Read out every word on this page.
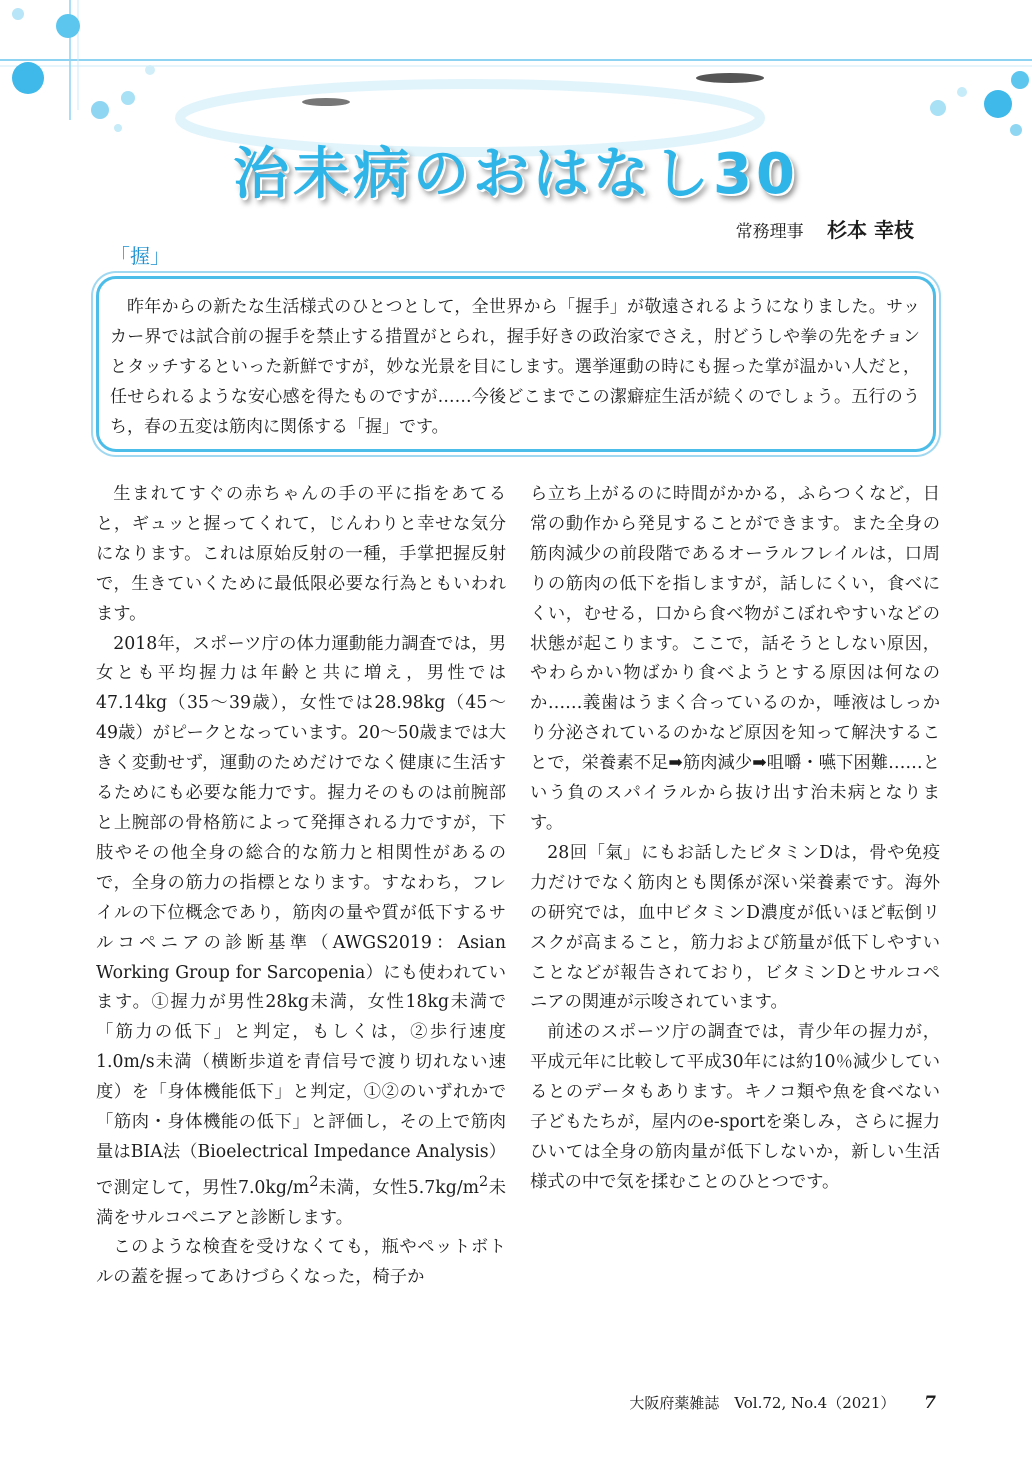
治未病のおはなし30
常務理事 杉本 幸枝
「握」

昨年からの新たな生活様式のひとつとして，全世界から「握手」が敬遠されるようになりました。サッカー界では試合前の握手を禁止する措置がとられ，握手好きの政治家でさえ，肘どうしや拳の先をチョンとタッチするといった新鮮ですが，妙な光景を目にします。選挙運動の時にも握った掌が温かい人だと，任せられるような安心感を得たものですが……今後どこまでこの潔癖症生活が続くのでしょう。五行のうち，春の五変は筋肉に関係する「握」です。

生まれてすぐの赤ちゃんの手の平に指をあてると，ギュッと握ってくれて，じんわりと幸せな気分になります。これは原始反射の一種，手掌把握反射で，生きていくために最低限必要な行為ともいわれます。

2018年，スポーツ庁の体力運動能力調査では，男女とも平均握力は年齢と共に増え，男性では47.14kg（35～39歳），女性では28.98kg（45～49歳）がピークとなっています。20～50歳までは大きく変動せず，運動のためだけでなく健康に生活するためにも必要な能力です。握力そのものは前腕部と上腕部の骨格筋によって発揮される力ですが，下肢やその他全身の総合的な筋力と相関性があるので，全身の筋力の指標となります。すなわち，フレイルの下位概念であり，筋肉の量や質が低下するサルコペニアの診断基準（AWGS2019：Asian Working Group for Sarcopenia）にも使われています。①握力が男性28kg未満，女性18kg未満で「筋力の低下」と判定，もしくは，②歩行速度1.0m/s未満（横断歩道を青信号で渡り切れない速度）を「身体機能低下」と判定，①②のいずれかで「筋肉・身体機能の低下」と評価し，その上で筋肉量はBIA法（Bioelectrical Impedance Analysis）で測定して，男性$7.0kg/m^2$未満，女性$5.7kg/m^2$未満をサルコペニアと診断します。

このような検査を受けなくても，瓶やペットボトルの蓋を握ってあけづらくなった，椅子か

ら立ち上がるのに時間がかかる，ふらつくなど，日常の動作から発見することができます。また全身の筋肉減少の前段階であるオーラルフレイルは，口周りの筋肉の低下を指しますが，話しにくい，食べにくい，むせる，口から食べ物がこぼれやすいなどの状態が起こります。ここで，話そうとしない原因，やわらかい物ばかり食べようとする原因は何なのか……義歯はうまく合っているのか，唾液はしっかり分泌されているのかなど原因を知って解決することで，栄養素不足➡筋肉減少➡咀嚼・嚥下困難……という負のスパイラルから抜け出す治未病となります。

28回「氣」にもお話したビタミンDは，骨や免疫力だけでなく筋肉とも関係が深い栄養素です。海外の研究では，血中ビタミンD濃度が低いほど転倒リスクが高まること，筋力および筋量が低下しやすいことなどが報告されており，ビタミンDとサルコペニアの関連が示唆されています。

前述のスポーツ庁の調査では，青少年の握力が，平成元年に比較して平成30年には約10％減少しているとのデータもあります。キノコ類や魚を食べない子どもたちが，屋内のe-sportを楽しみ，さらに握力ひいては全身の筋肉量が低下しないか，新しい生活様式の中で気を揉むことのひとつです。

大阪府薬雑誌　Vol.72, No.4（2021） 7
